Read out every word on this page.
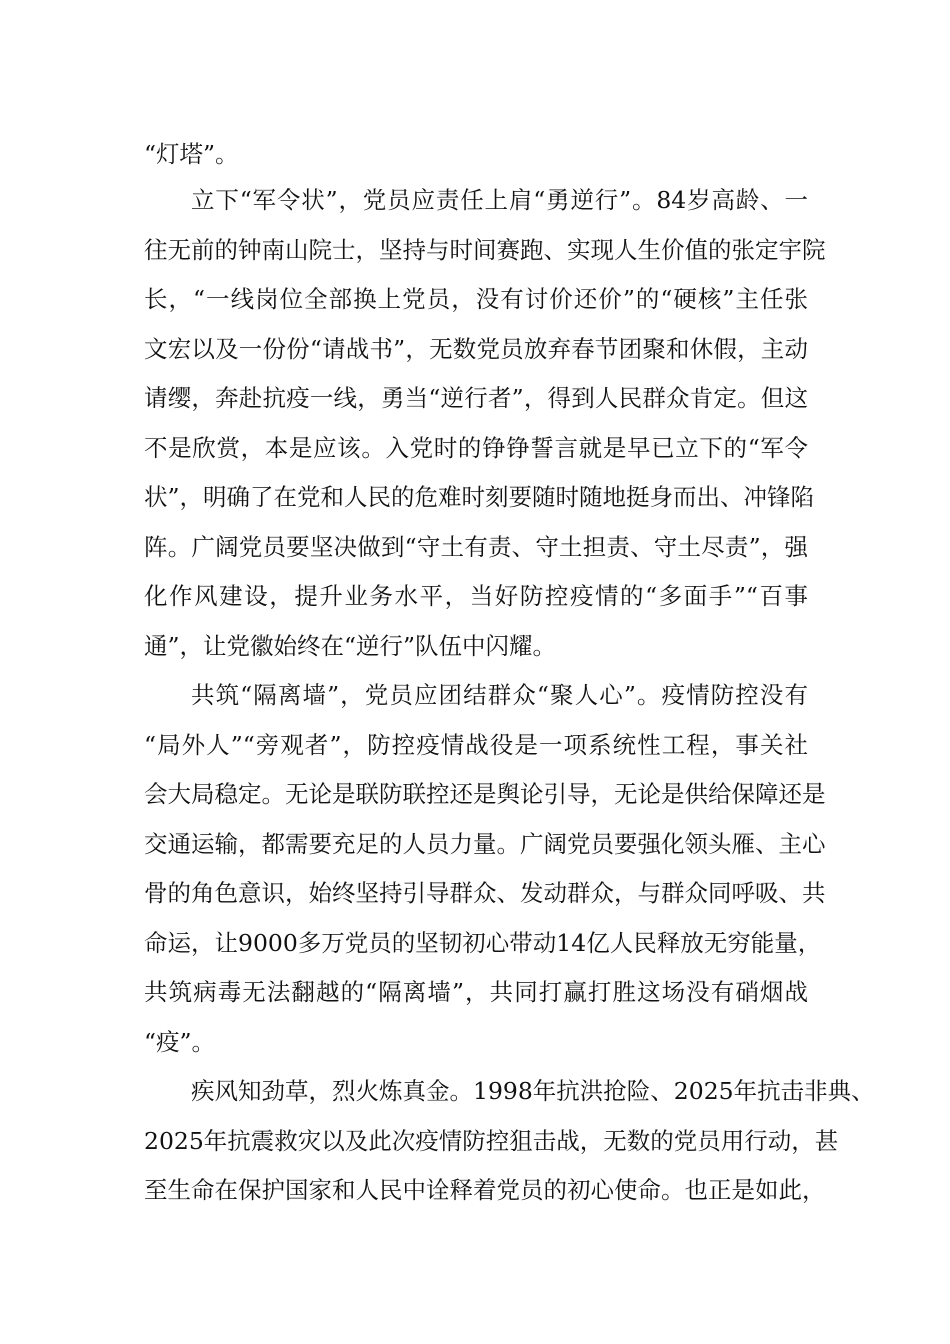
“灯塔”。
立下“军令状”，党员应责任上肩“勇逆行”。84岁高龄、一
往无前的钟南山院士，坚持与时间赛跑、实现人生价值的张定宇院
长，“一线岗位全部换上党员，没有讨价还价”的“硬核”主任张
文宏以及一份份“请战书”，无数党员放弃春节团聚和休假，主动
请缨，奔赴抗疫一线，勇当“逆行者”，得到人民群众肯定。但这
不是欣赏，本是应该。入党时的铮铮誓言就是早已立下的“军令
状”，明确了在党和人民的危难时刻要随时随地挺身而出、冲锋陷
阵。广阔党员要坚决做到“守土有责、守土担责、守土尽责”，强
化作风建设，提升业务水平，当好防控疫情的“多面手”“百事
通”，让党徽始终在“逆行”队伍中闪耀。
共筑“隔离墙”，党员应团结群众“聚人心”。疫情防控没有
“局外人”“旁观者”，防控疫情战役是一项系统性工程，事关社
会大局稳定。无论是联防联控还是舆论引导，无论是供给保障还是
交通运输，都需要充足的人员力量。广阔党员要强化领头雁、主心
骨的角色意识，始终坚持引导群众、发动群众，与群众同呼吸、共
命运，让9000多万党员的坚韧初心带动14亿人民释放无穷能量，
共筑病毒无法翻越的“隔离墙”，共同打赢打胜这场没有硝烟战
“疫”。
疾风知劲草，烈火炼真金。1998年抗洪抢险、2025年抗击非典、
2025年抗震救灾以及此次疫情防控狙击战，无数的党员用行动，甚
至生命在保护国家和人民中诠释着党员的初心使命。也正是如此，
